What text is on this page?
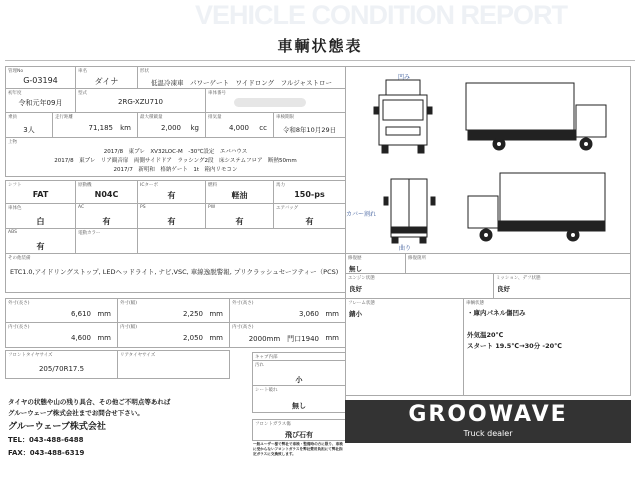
VEHICLE CONDITION REPORT
車輌状態表
管理No
G-03194
車名
ダイナ
形状
低温冷凍車　パワーゲート　ワイドロング　フルジャストロー
初年度
令和元年09月
型式
2RG-XZU710
車体番号
乗員
3人
走行距離
71,185 km
最大積載量
2,000 kg
排気量
4,000 cc
車検期限
令和8年10月29日
上物
2017/8　東プレ　XV32LOC-M　-30℃設定　エバハウス
2017/8　東プレ　リア観音扉　両側サイドドア　ラッシング2段　床システムフロア　断熱50mm
2017/7　新明和　格納ゲート　1t　箱内リモコン
シフト
FAT
原動機
N04C
ICターボ
有
燃料
軽油
馬力
150-ps
車体色
白
AC
有
PS
有
PW
有
エアバッグ
有
ABS
有
電動カラー
その他装備
ETC1.0,アイドリングストップ, LEDヘッドライト, ナビ,VSC, 車線逸脱警報, プリクラッシュセーフティー（PCS)
外寸(長さ)
6,610 mm
外寸(幅)
2,250 mm
外寸(高さ)
3,060 mm
内寸(長さ)
4,600 mm
内寸(幅)
2,050 mm
内寸(高さ)
2000mm　門口1940 mm
フロントタイヤサイズ
205/70R17.5
リアタイヤサイズ
タイヤの状態や山の残り具合、その他ご不明点等あれば
グルーウェーブ株式会社までお問合せ下さい。
グルーウェーブ株式会社
TEL：043-488-6488
FAX：043-488-6319
キャブ内部
汚れ
小
シート破れ
無し
フロントガラス傷
飛び石有
一般ユーザー様で弊社で車検・整備時の方に限り、車検に受からないフロントガラスを弊社費用負担にて弊社指定ガラスに交換致します。
凹み
カバー割れ
曲り
修復歴
無し
修復箇所
エンジン状態
良好
ミッション、デフ状態
良好
フレーム状態
錆小
車輌状態
・庫内パネル傷凹み
外気温20℃
スタート 19.5℃→30分 -20℃
GROOWAVE
Truck dealer
